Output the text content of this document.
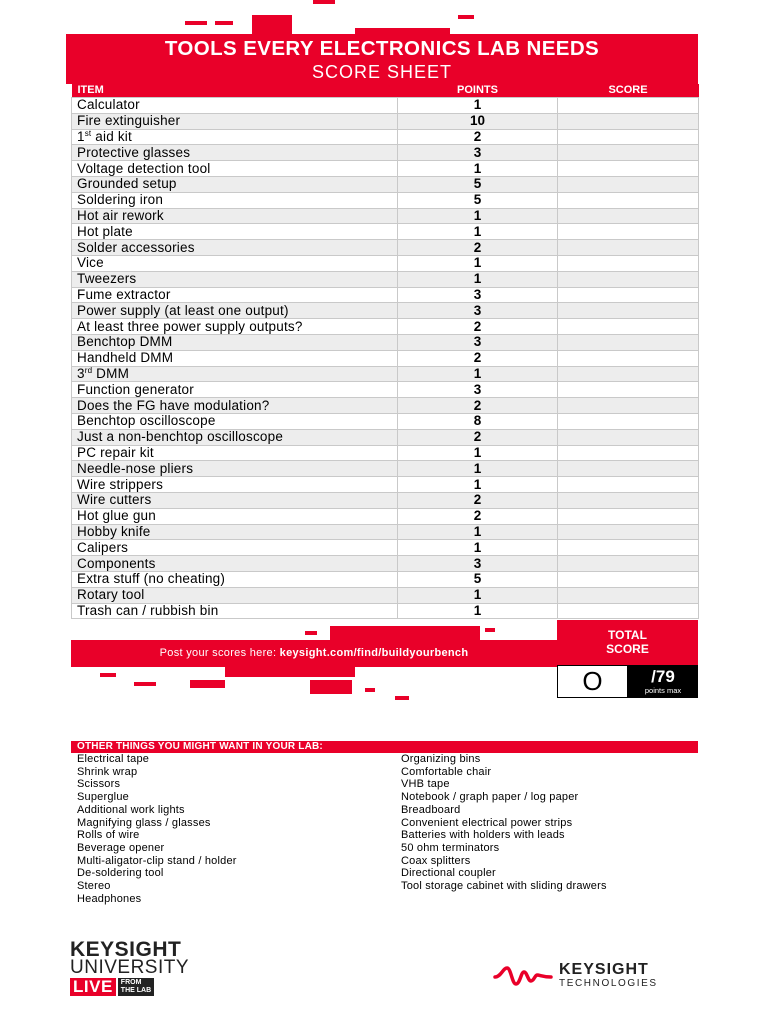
TOOLS EVERY ELECTRONICS LAB NEEDS
SCORE SHEET
ITEM	POINTS	SCORE
Calculator	1	
Fire extinguisher	10	
1st aid kit	2	
Protective glasses	3	
Voltage detection tool	1	
Grounded setup	5	
Soldering iron	5	
Hot air rework	1	
Hot plate	1	
Solder accessories	2	
Vice	1	
Tweezers	1	
Fume extractor	3	
Power supply (at least one output)	3	
At least three power supply outputs?	2	
Benchtop DMM	3	
Handheld DMM	2	
3rd DMM	1	
Function generator	3	
Does the FG have modulation?	2	
Benchtop oscilloscope	8	
Just a non-benchtop oscilloscope	2	
PC repair kit	1	
Needle-nose pliers	1	
Wire strippers	1	
Wire cutters	2	
Hot glue gun	2	
Hobby knife	1	
Calipers	1	
Components	3	
Extra stuff (no cheating)	5	
Rotary tool	1	
Trash can / rubbish bin	1	
Post your scores here: keysight.com/find/buildyourbench
TOTAL
SCORE
O	/79
points max
OTHER THINGS YOU MIGHT WANT IN YOUR LAB:
Electrical tape
Shrink wrap
Scissors
Superglue
Additional work lights
Magnifying glass / glasses
Rolls of wire
Beverage opener
Multi-aligator-clip stand / holder
De-soldering tool
Stereo
Headphones
Organizing bins
Comfortable chair
VHB tape
Notebook / graph paper / log paper
Breadboard
Convenient electrical power strips
Batteries with holders with leads
50 ohm terminators
Coax splitters
Directional coupler
Tool storage cabinet with sliding drawers
KEYSIGHT
UNIVERSITY
LIVE	FROM
THE LAB
KEYSIGHT
TECHNOLOGIES
